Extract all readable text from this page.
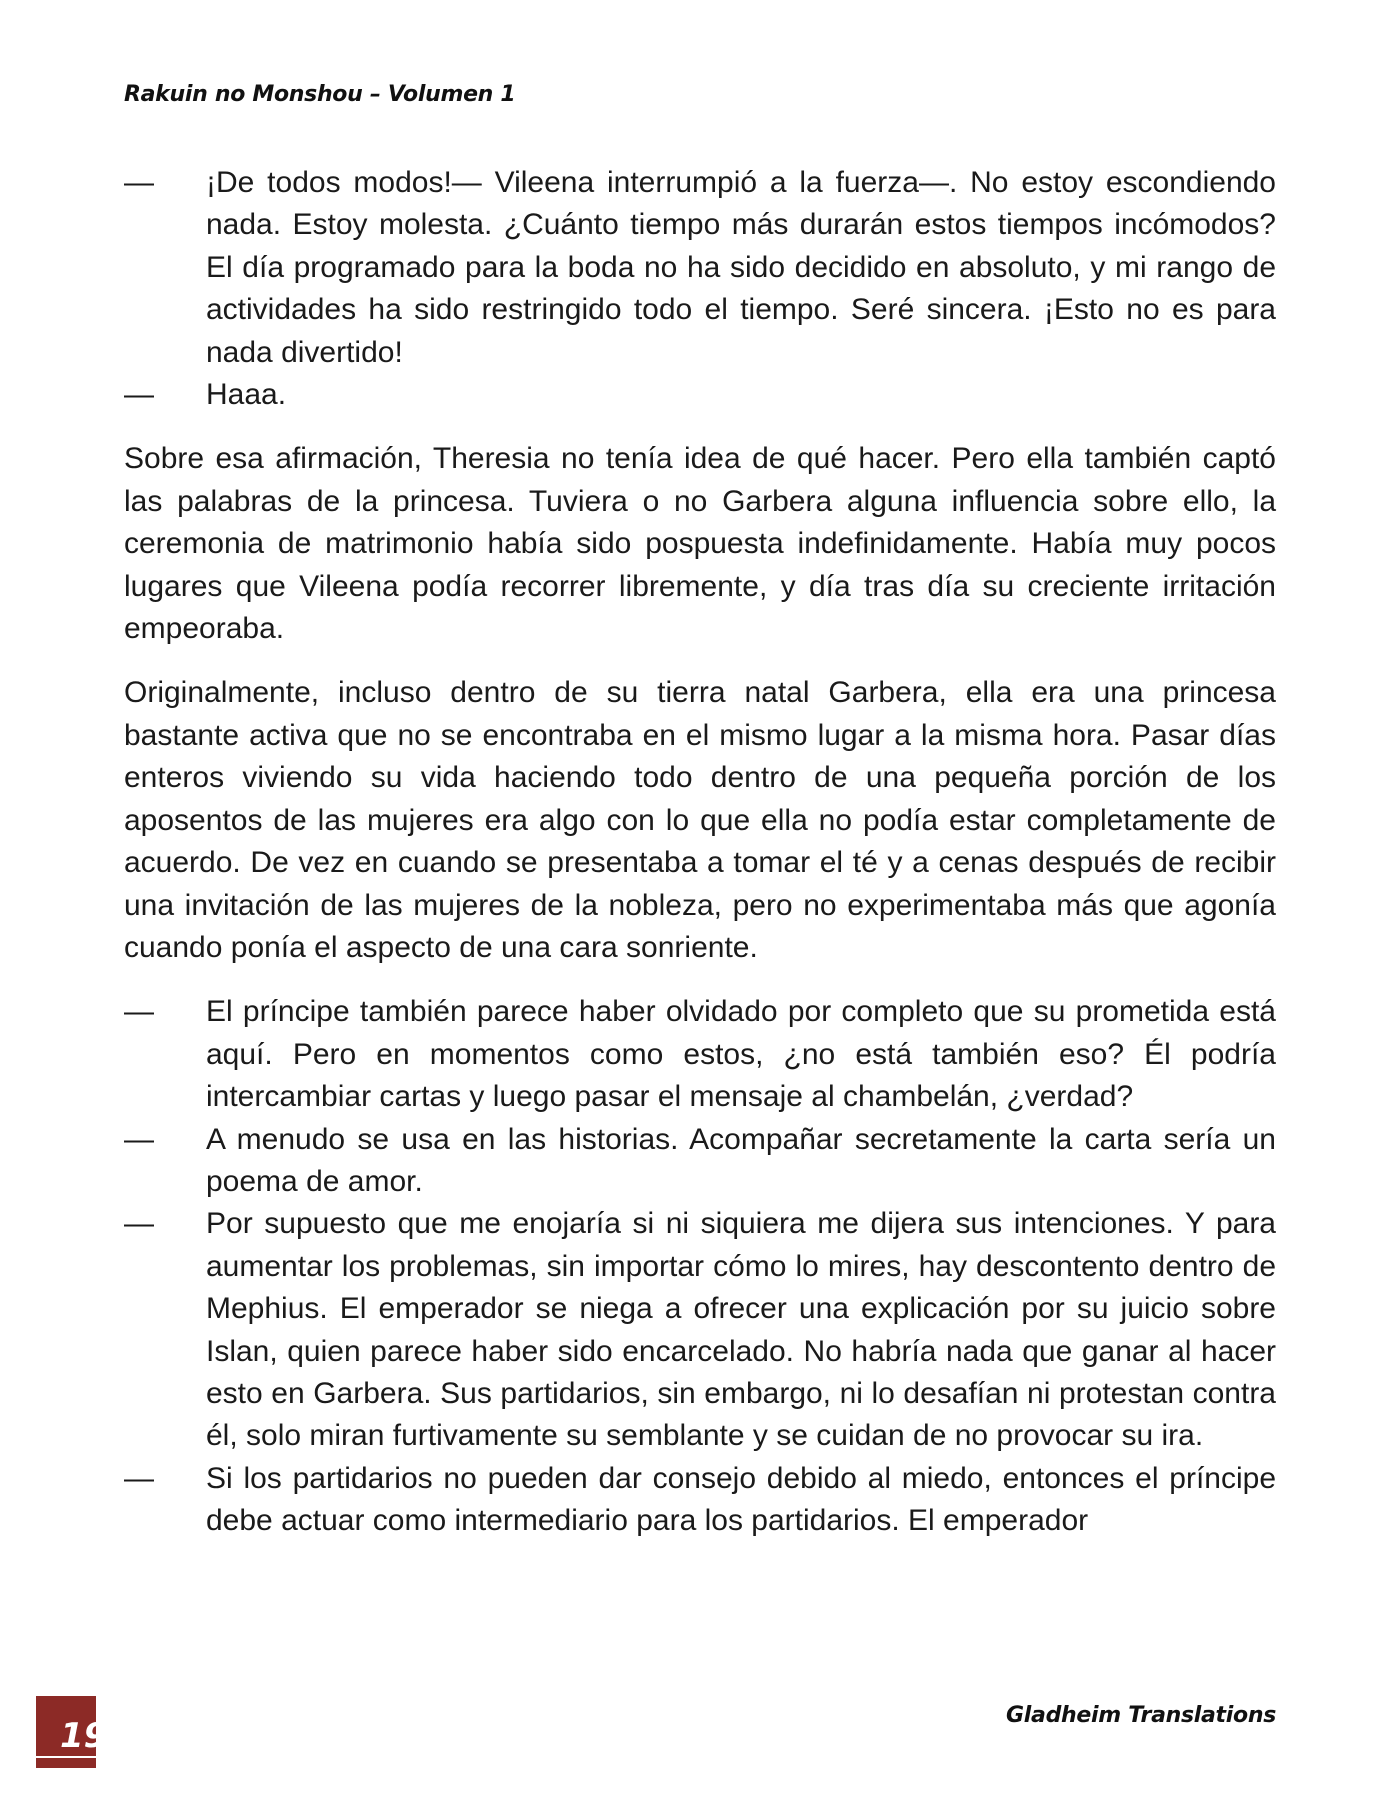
Rakuin no Monshou – Volumen 1

— ¡De todos modos!— Vileena interrumpió a la fuerza—. No estoy escondiendo nada. Estoy molesta. ¿Cuánto tiempo más durarán estos tiempos incómodos? El día programado para la boda no ha sido decidido en absoluto, y mi rango de actividades ha sido restringido todo el tiempo. Seré sincera. ¡Esto no es para nada divertido!

— Haaa.

Sobre esa afirmación, Theresia no tenía idea de qué hacer. Pero ella también captó las palabras de la princesa. Tuviera o no Garbera alguna influencia sobre ello, la ceremonia de matrimonio había sido pospuesta indefinidamente. Había muy pocos lugares que Vileena podía recorrer libremente, y día tras día su creciente irritación empeoraba.

Originalmente, incluso dentro de su tierra natal Garbera, ella era una princesa bastante activa que no se encontraba en el mismo lugar a la misma hora. Pasar días enteros viviendo su vida haciendo todo dentro de una pequeña porción de los aposentos de las mujeres era algo con lo que ella no podía estar completamente de acuerdo. De vez en cuando se presentaba a tomar el té y a cenas después de recibir una invitación de las mujeres de la nobleza, pero no experimentaba más que agonía cuando ponía el aspecto de una cara sonriente.

— El príncipe también parece haber olvidado por completo que su prometida está aquí. Pero en momentos como estos, ¿no está también eso? Él podría intercambiar cartas y luego pasar el mensaje al chambelán, ¿verdad?

— A menudo se usa en las historias. Acompañar secretamente la carta sería un poema de amor.

— Por supuesto que me enojaría si ni siquiera me dijera sus intenciones. Y para aumentar los problemas, sin importar cómo lo mires, hay descontento dentro de Mephius. El emperador se niega a ofrecer una explicación por su juicio sobre Islan, quien parece haber sido encarcelado. No habría nada que ganar al hacer esto en Garbera. Sus partidarios, sin embargo, ni lo desafían ni protestan contra él, solo miran furtivamente su semblante y se cuidan de no provocar su ira.

— Si los partidarios no pueden dar consejo debido al miedo, entonces el príncipe debe actuar como intermediario para los partidarios. El emperador

19
Gladheim Translations
